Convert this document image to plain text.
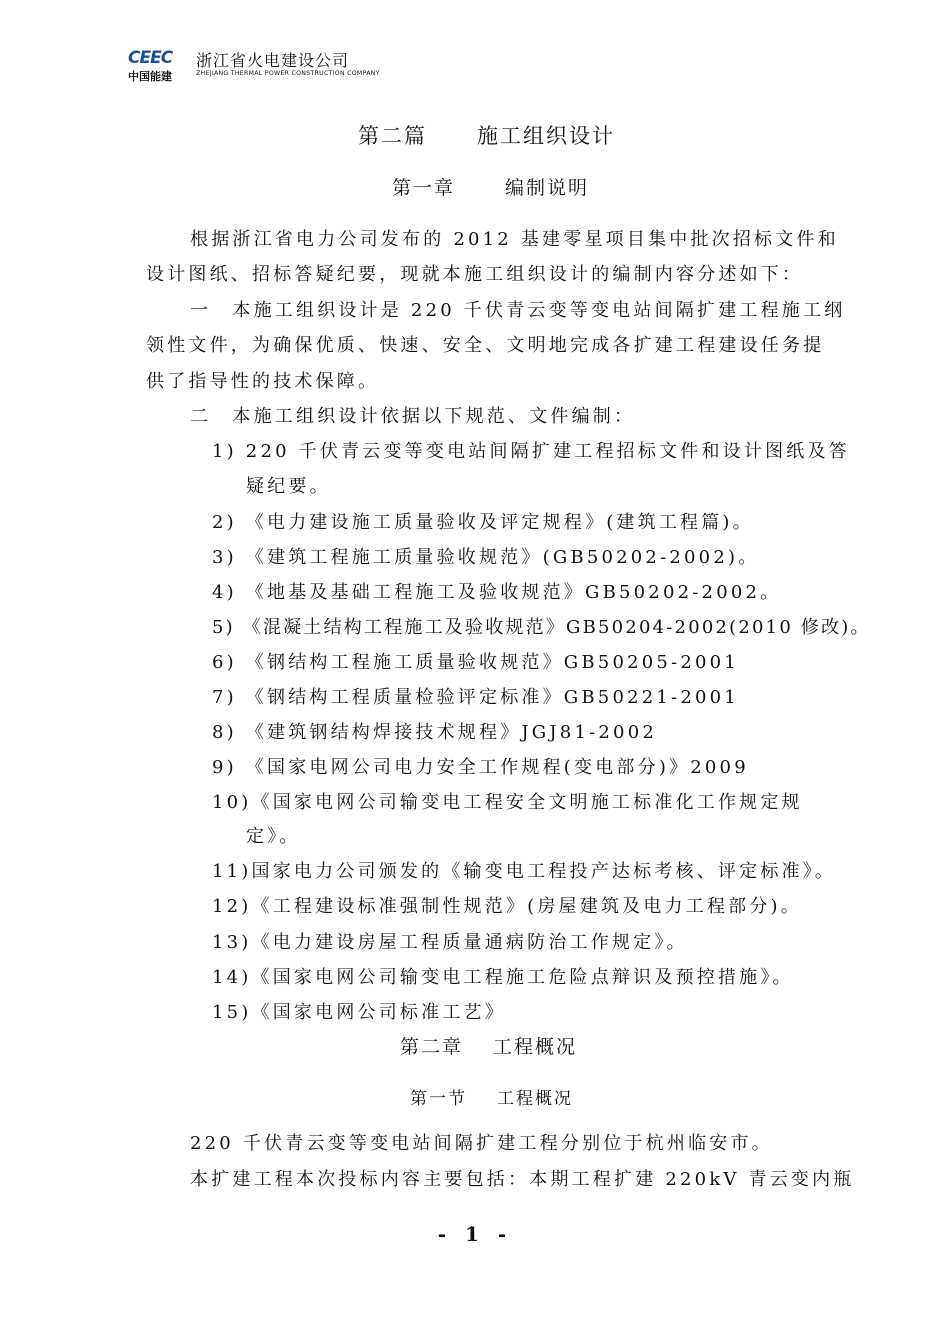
CEEC
中国能建
浙江省火电建设公司
ZHEJIANG THERMAL POWER CONSTRUCTION COMPANY
第二篇 施工组织设计
第一章	编制说明
根据浙江省电力公司发布的 2012 基建零星项目集中批次招标文件和
设计图纸、招标答疑纪要，现就本施工组织设计的编制内容分述如下：
一　本施工组织设计是 220 千伏青云变等变电站间隔扩建工程施工纲
领性文件，为确保优质、快速、安全、文明地完成各扩建工程建设任务提
供了指导性的技术保障。
二　本施工组织设计依据以下规范、文件编制：
1) 220 千伏青云变等变电站间隔扩建工程招标文件和设计图纸及答
疑纪要。
2) 《电力建设施工质量验收及评定规程》(建筑工程篇)。
3) 《建筑工程施工质量验收规范》(GB50202-2002)。
4) 《地基及基础工程施工及验收规范》GB50202-2002。
5) 《混凝土结构工程施工及验收规范》GB50204-2002(2010 修改)。
6) 《钢结构工程施工质量验收规范》GB50205-2001
7) 《钢结构工程质量检验评定标准》GB50221-2001
8) 《建筑钢结构焊接技术规程》JGJ81-2002
9) 《国家电网公司电力安全工作规程(变电部分)》2009
10)《国家电网公司输变电工程安全文明施工标准化工作规定规
定》。
11)国家电力公司颁发的《输变电工程投产达标考核、评定标准》。
12)《工程建设标准强制性规范》(房屋建筑及电力工程部分)。
13)《电力建设房屋工程质量通病防治工作规定》。
14)《国家电网公司输变电工程施工危险点辩识及预控措施》。
15)《国家电网公司标准工艺》
第二章 工程概况
第一节 工程概况
220 千伏青云变等变电站间隔扩建工程分别位于杭州临安市。
本扩建工程本次投标内容主要包括：本期工程扩建 220kV 青云变内瓶
- 1 -
